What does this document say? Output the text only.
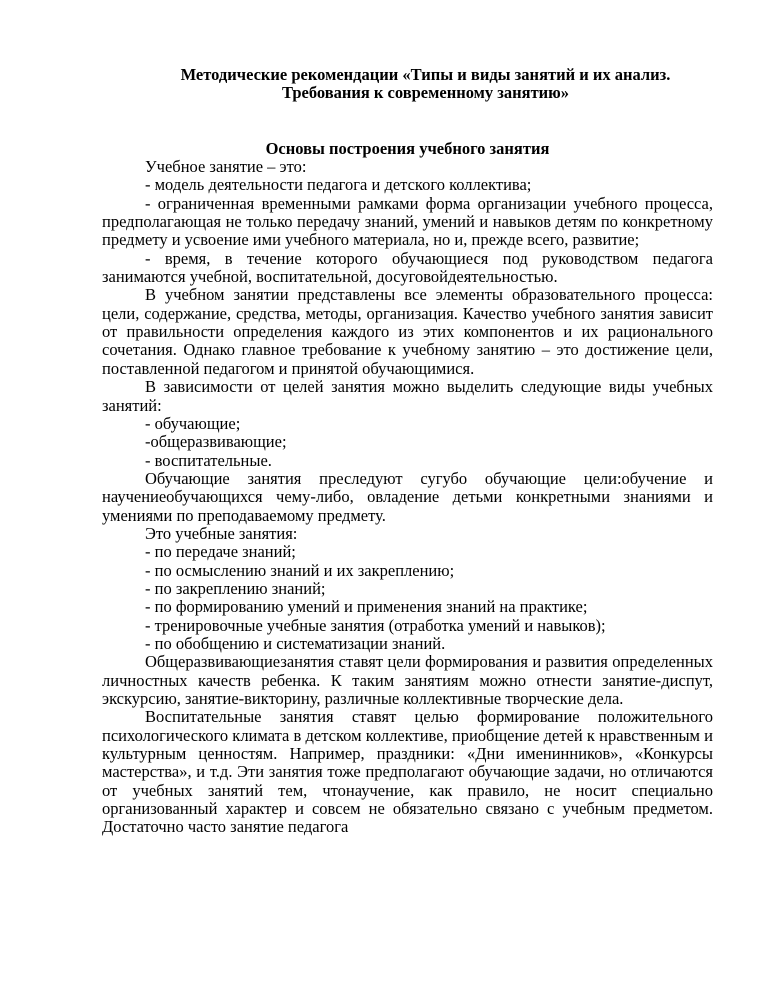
Методические рекомендации «Типы и виды занятий и их анализ.
Требования к современному занятию»
Основы построения учебного занятия

Учебное занятие – это:

- модель деятельности педагога и детского коллектива;

- ограниченная временными рамками форма организации учебного процесса, предполагающая не только передачу знаний, умений и навыков детям по конкретному предмету и усвоение ими учебного материала, но и, прежде всего, развитие;

- время, в течение которого обучающиеся под руководством педагога занимаются учебной, воспитательной, досуговойдеятельностью.

В учебном занятии представлены все элементы образовательного процесса: цели, содержание, средства, методы, организация. Качество учебного занятия зависит от правильности определения каждого из этих компонентов и их рационального сочетания. Однако главное требование к учебному занятию – это достижение цели, поставленной педагогом и принятой обучающимися.

В зависимости от целей занятия можно выделить следующие виды учебных занятий:

- обучающие;

-общеразвивающие;

- воспитательные.

Обучающие занятия преследуют сугубо обучающие цели:обучение и научениеобучающихся чему-либо, овладение детьми конкретными знаниями и умениями по преподаваемому предмету.

Это учебные занятия:

- по передаче знаний;

- по осмыслению знаний и их закреплению;

- по закреплению знаний;

- по формированию умений и применения знаний на практике;

- тренировочные учебные занятия (отработка умений и навыков);

- по обобщению и систематизации знаний.

Общеразвивающиезанятия ставят цели формирования и развития определенных личностных качеств ребенка. К таким занятиям можно отнести занятие-диспут, экскурсию, занятие-викторину, различные коллективные творческие дела.

Воспитательные занятия ставят целью формирование положительного психологического климата в детском коллективе, приобщение детей к нравственным и культурным ценностям. Например, праздники: «Дни именинников», «Конкурсы мастерства», и т.д. Эти занятия тоже предполагают обучающие задачи, но отличаются от учебных занятий тем, чтонаучение, как правило, не носит специально организованный характер и совсем не обязательно связано с учебным предметом. Достаточно часто занятие педагога
